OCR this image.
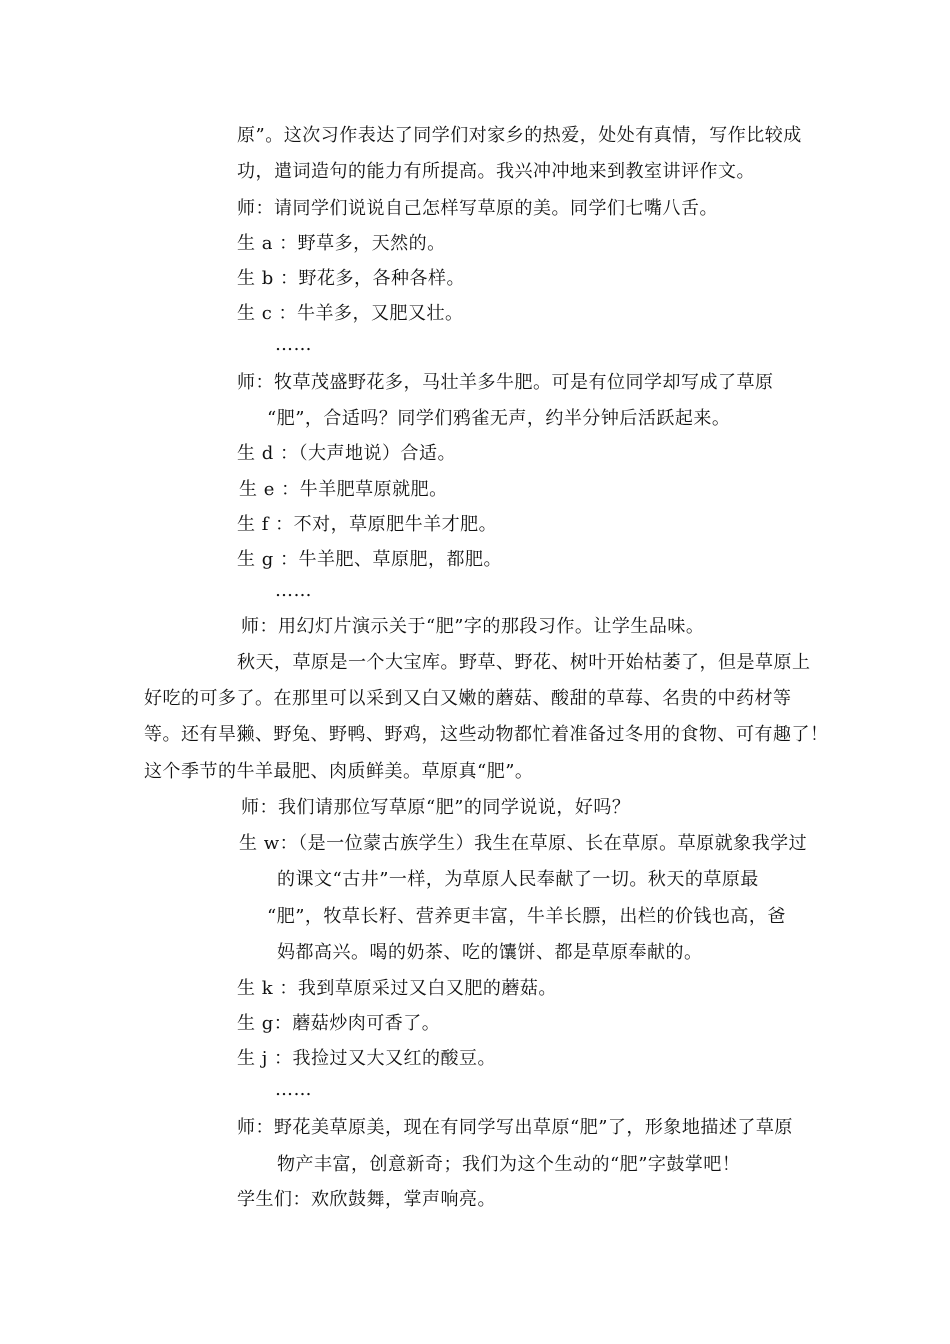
原”。这次习作表达了同学们对家乡的热爱，处处有真情，写作比较成
功，遣词造句的能力有所提高。我兴冲冲地来到教室讲评作文。
师：请同学们说说自己怎样写草原的美。同学们七嘴八舌。
生 a ：野草多，天然的。
生 b ：野花多，各种各样。
生 c ：牛羊多，又肥又壮。
……
师：牧草茂盛野花多，马壮羊多牛肥。可是有位同学却写成了草原
“肥”，合适吗？同学们鸦雀无声，约半分钟后活跃起来。
生 d ：（大声地说）合适。
生 e ：牛羊肥草原就肥。
生 f ：不对，草原肥牛羊才肥。
生 g ：牛羊肥、草原肥，都肥。
……
师：用幻灯片演示关于“肥”字的那段习作。让学生品味。
秋天，草原是一个大宝库。野草、野花、树叶开始枯萎了，但是草原上
好吃的可多了。在那里可以采到又白又嫩的蘑菇、酸甜的草莓、名贵的中药材等
等。还有旱獭、野兔、野鸭、野鸡，这些动物都忙着准备过冬用的食物、可有趣了！
这个季节的牛羊最肥、肉质鲜美。草原真“肥”。
师：我们请那位写草原“肥”的同学说说，好吗？
生 w：（是一位蒙古族学生）我生在草原、长在草原。草原就象我学过
的课文“古井”一样，为草原人民奉献了一切。秋天的草原最
“肥”，牧草长籽、营养更丰富，牛羊长膘，出栏的价钱也高，爸
妈都高兴。喝的奶茶、吃的馕饼、都是草原奉献的。
生 k ：我到草原采过又白又肥的蘑菇。
生 g：蘑菇炒肉可香了。
生 j ：我捡过又大又红的酸豆。
……
师：野花美草原美，现在有同学写出草原“肥”了，形象地描述了草原
物产丰富，创意新奇；我们为这个生动的“肥”字鼓掌吧！
学生们：欢欣鼓舞，掌声响亮。
